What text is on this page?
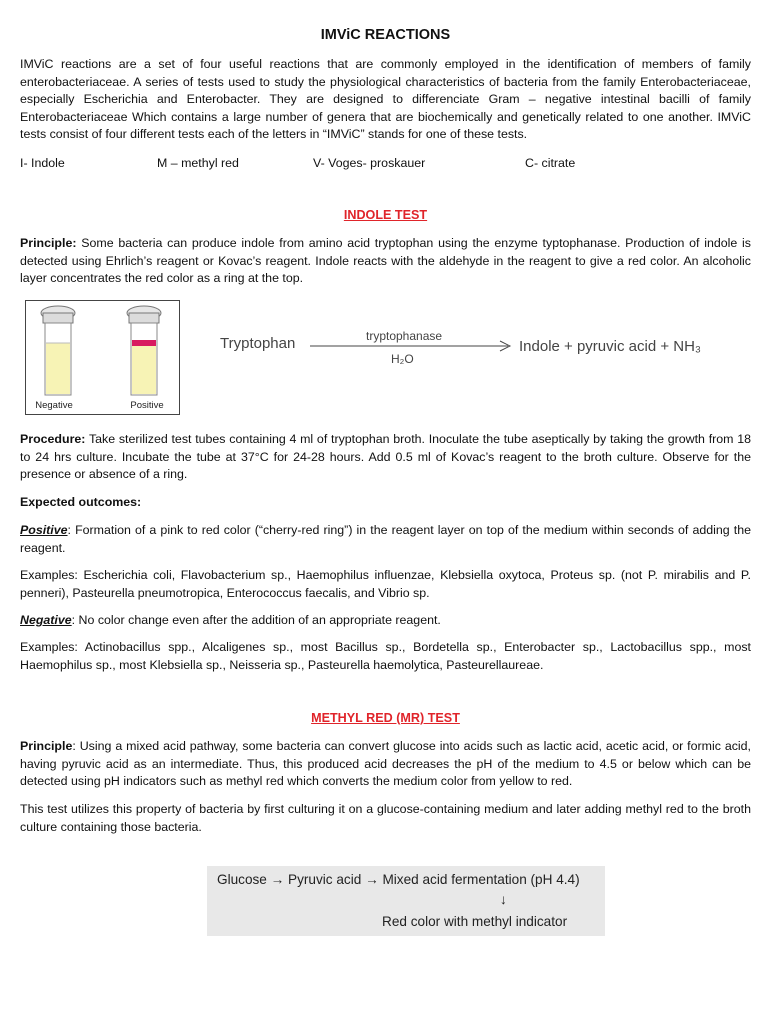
IMViC REACTIONS

IMViC reactions are a set of four useful reactions that are commonly employed in the identification of members of family enterobacteriaceae. A series of tests used to study the physiological characteristics of bacteria from the family Enterobacteriaceae, especially Escherichia and Enterobacter. They are designed to differenciate Gram – negative intestinal bacilli of family Enterobacteriaceae Which contains a large number of genera that are biochemically and genetically related to one another. IMViC tests consist of four different tests each of the letters in “IMViC” stands for one of these tests.

I- Indole	M – methyl red	V- Voges- proskauer	C- citrate
INDOLE TEST

Principle: Some bacteria can produce indole from amino acid tryptophan using the enzyme typtophanase. Production of indole is detected using Ehrlich’s reagent or Kovac’s reagent. Indole reacts with the aldehyde in the reagent to give a red color. An alcoholic layer concentrates the red color as a ring at the top.

Negative	Positive
Tryptophan	tryptophanase
H₂O
Indole + pyruvic acid + NH₃

Procedure: Take sterilized test tubes containing 4 ml of tryptophan broth. Inoculate the tube aseptically by taking the growth from 18 to 24 hrs culture. Incubate the tube at 37°C for 24-28 hours. Add 0.5 ml of Kovac’s reagent to the broth culture. Observe for the presence or absence of a ring.

Expected outcomes:

Positive: Formation of a pink to red color (“cherry-red ring”) in the reagent layer on top of the medium within seconds of adding the reagent.

Examples: Escherichia coli, Flavobacterium sp., Haemophilus influenzae, Klebsiella oxytoca, Proteus sp. (not P. mirabilis and P. penneri), Pasteurella pneumotropica, Enterococcus faecalis, and Vibrio sp.

Negative: No color change even after the addition of an appropriate reagent.

Examples: Actinobacillus spp., Alcaligenes sp., most Bacillus sp., Bordetella sp., Enterobacter sp., Lactobacillus spp., most Haemophilus sp., most Klebsiella sp., Neisseria sp., Pasteurella haemolytica, Pasteurellaureae.

METHYL RED (MR) TEST

Principle: Using a mixed acid pathway, some bacteria can convert glucose into acids such as lactic acid, acetic acid, or formic acid, having pyruvic acid as an intermediate. Thus, this produced acid decreases the pH of the medium to 4.5 or below which can be detected using pH indicators such as methyl red which converts the medium color from yellow to red.

This test utilizes this property of bacteria by first culturing it on a glucose-containing medium and later adding methyl red to the broth culture containing those bacteria.

Glucose → Pyruvic acid → Mixed acid fermentation (pH 4.4)
↓
Red color with methyl indicator
